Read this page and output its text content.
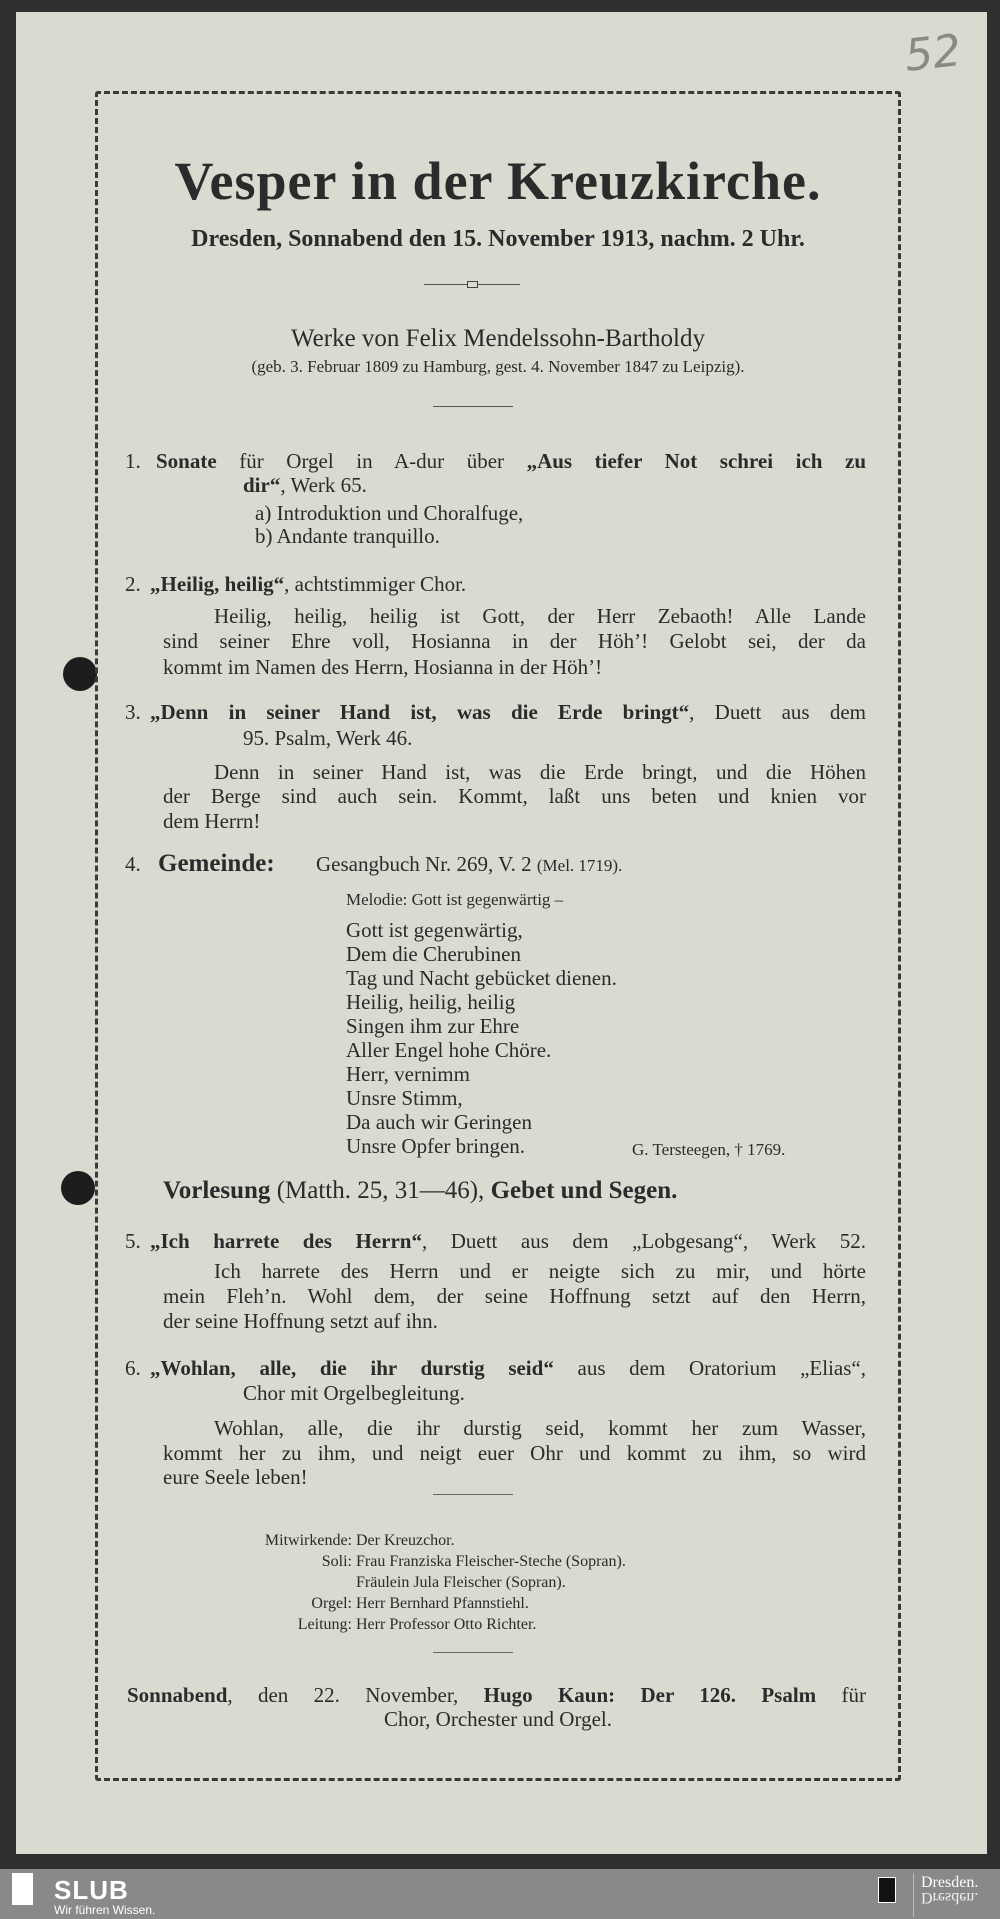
52
Vesper in der Kreuzkirche.
Dresden, Sonnabend den 15. November 1913, nachm. 2 Uhr.
Werke von Felix Mendelssohn-Bartholdy
(geb. 3. Februar 1809 zu Hamburg, gest. 4. November 1847 zu Leipzig).
1. Sonate für Orgel in A-dur über „Aus tiefer Not schrei ich zu
dir“, Werk 65.
a) Introduktion und Choralfuge,
b) Andante tranquillo.
2. „Heilig, heilig“, achtstimmiger Chor.
Heilig, heilig, heilig ist Gott, der Herr Zebaoth! Alle Lande
sind seiner Ehre voll, Hosianna in der Höh’! Gelobt sei, der da
kommt im Namen des Herrn, Hosianna in der Höh’!
3. „Denn in seiner Hand ist, was die Erde bringt“, Duett aus dem
95. Psalm, Werk 46.
Denn in seiner Hand ist, was die Erde bringt, und die Höhen
der Berge sind auch sein. Kommt, laßt uns beten und knien vor
dem Herrn!
4. Gemeinde: Gesangbuch Nr. 269, V. 2 (Mel. 1719).
Melodie: Gott ist gegenwärtig –
Gott ist gegenwärtig,
Dem die Cherubinen
Tag und Nacht gebücket dienen.
Heilig, heilig, heilig
Singen ihm zur Ehre
Aller Engel hohe Chöre.
Herr, vernimm
Unsre Stimm,
Da auch wir Geringen
Unsre Opfer bringen.	G. Tersteegen, † 1769.
Vorlesung (Matth. 25, 31—46), Gebet und Segen.
5. „Ich harrete des Herrn“, Duett aus dem „Lobgesang“, Werk 52.
Ich harrete des Herrn und er neigte sich zu mir, und hörte
mein Fleh’n. Wohl dem, der seine Hoffnung setzt auf den Herrn,
der seine Hoffnung setzt auf ihn.
6. „Wohlan, alle, die ihr durstig seid“ aus dem Oratorium „Elias“,
Chor mit Orgelbegleitung.
Wohlan, alle, die ihr durstig seid, kommt her zum Wasser,
kommt her zu ihm, und neigt euer Ohr und kommt zu ihm, so wird
eure Seele leben!
Mitwirkende: Der Kreuzchor.
Soli: Frau Franziska Fleischer-Steche (Sopran).
Fräulein Jula Fleischer (Sopran).
Orgel: Herr Bernhard Pfannstiehl.
Leitung: Herr Professor Otto Richter.
Sonnabend, den 22. November, Hugo Kaun: Der 126. Psalm für
Chor, Orchester und Orgel.
SLUB
Wir führen Wissen.
Dresden.
Dresden.
